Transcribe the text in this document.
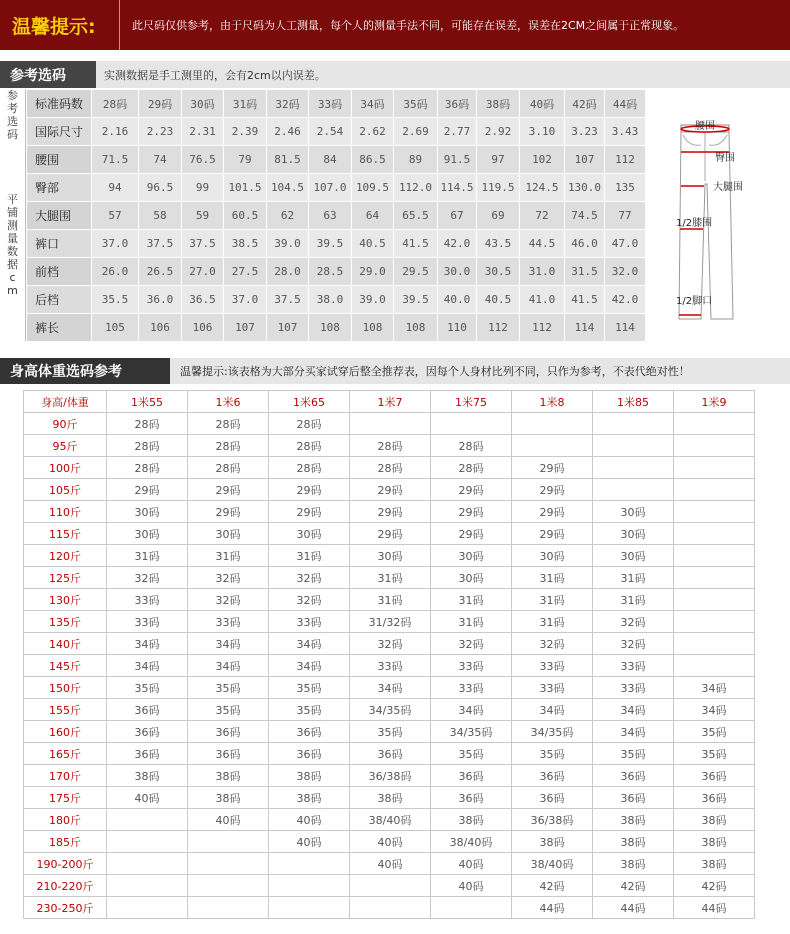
温馨提示:	此尺码仅供参考，由于尺码为人工测量，每个人的测量手法不同，可能存在误差，误差在2CM之间属于正常现象。
参考选码	实测数据是手工测里的，会有2cm以内误差。
参考选码
平铺测量数据cm
标准码数	28码	29码	30码	31码	32码	33码	34码	35码	36码	38码	40码	42码	44码
国际尺寸	2.16	2.23	2.31	2.39	2.46	2.54	2.62	2.69	2.77	2.92	3.10	3.23	3.43
腰围	71.5	74	76.5	79	81.5	84	86.5	89	91.5	97	102	107	112
臀部	94	96.5	99	101.5	104.5	107.0	109.5	112.0	114.5	119.5	124.5	130.0	135
大腿围	57	58	59	60.5	62	63	64	65.5	67	69	72	74.5	77
裤口	37.0	37.5	37.5	38.5	39.0	39.5	40.5	41.5	42.0	43.5	44.5	46.0	47.0
前档	26.0	26.5	27.0	27.5	28.0	28.5	29.0	29.5	30.0	30.5	31.0	31.5	32.0
后档	35.5	36.0	36.5	37.0	37.5	38.0	39.0	39.5	40.0	40.5	41.0	41.5	42.0
裤长	105	106	106	107	107	108	108	108	110	112	112	114	114
腰围
臀围
大腿围
1/2膝围
1/2脚口
身高体重选码参考	温馨提示:该表格为大部分买家试穿后整全推荐表，因每个人身材比列不同，只作为参考，不表代绝对性！
身高/体重	1米55	1米6	1米65	1米7	1米75	1米8	1米85	1米9
90斤	28码	28码	28码					
95斤	28码	28码	28码	28码	28码			
100斤	28码	28码	28码	28码	28码	29码		
105斤	29码	29码	29码	29码	29码	29码		
110斤	30码	29码	29码	29码	29码	29码	30码	
115斤	30码	30码	30码	29码	29码	29码	30码	
120斤	31码	31码	31码	30码	30码	30码	30码	
125斤	32码	32码	32码	31码	30码	31码	31码	
130斤	33码	32码	32码	31码	31码	31码	31码	
135斤	33码	33码	33码	31/32码	31码	31码	32码	
140斤	34码	34码	34码	32码	32码	32码	32码	
145斤	34码	34码	34码	33码	33码	33码	33码	
150斤	35码	35码	35码	34码	33码	33码	33码	34码
155斤	36码	35码	35码	34/35码	34码	34码	34码	34码
160斤	36码	36码	36码	35码	34/35码	34/35码	34码	35码
165斤	36码	36码	36码	36码	35码	35码	35码	35码
170斤	38码	38码	38码	36/38码	36码	36码	36码	36码
175斤	40码	38码	38码	38码	36码	36码	36码	36码
180斤		40码	40码	38/40码	38码	36/38码	38码	38码
185斤			40码	40码	38/40码	38码	38码	38码
190-200斤				40码	40码	38/40码	38码	38码
210-220斤					40码	42码	42码	42码
230-250斤						44码	44码	44码
